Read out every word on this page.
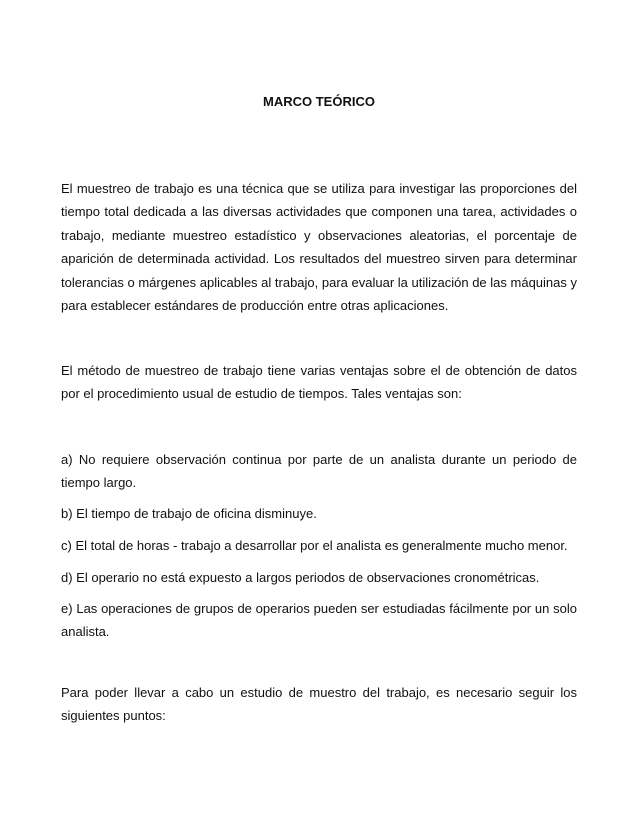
MARCO TEÓRICO

El muestreo de trabajo es una técnica que se utiliza para investigar las proporciones del tiempo total dedicada a las diversas actividades que componen una tarea, actividades o trabajo, mediante muestreo estadístico y observaciones aleatorias, el porcentaje de aparición de determinada actividad. Los resultados del muestreo sirven para determinar tolerancias o márgenes aplicables al trabajo, para evaluar la utilización de las máquinas y para establecer estándares de producción entre otras aplicaciones.

El método de muestreo de trabajo tiene varias ventajas sobre el de obtención de datos por el procedimiento usual de estudio de tiempos. Tales ventajas son:

a) No requiere observación continua por parte de un analista durante un periodo de tiempo largo.

b) El tiempo de trabajo de oficina disminuye.

c) El total de horas - trabajo a desarrollar por el analista es generalmente mucho menor.

d) El operario no está expuesto a largos periodos de observaciones cronométricas.

e) Las operaciones de grupos de operarios pueden ser estudiadas fácilmente por un solo analista.

Para poder llevar a cabo un estudio de muestro del trabajo, es necesario seguir los siguientes puntos:
